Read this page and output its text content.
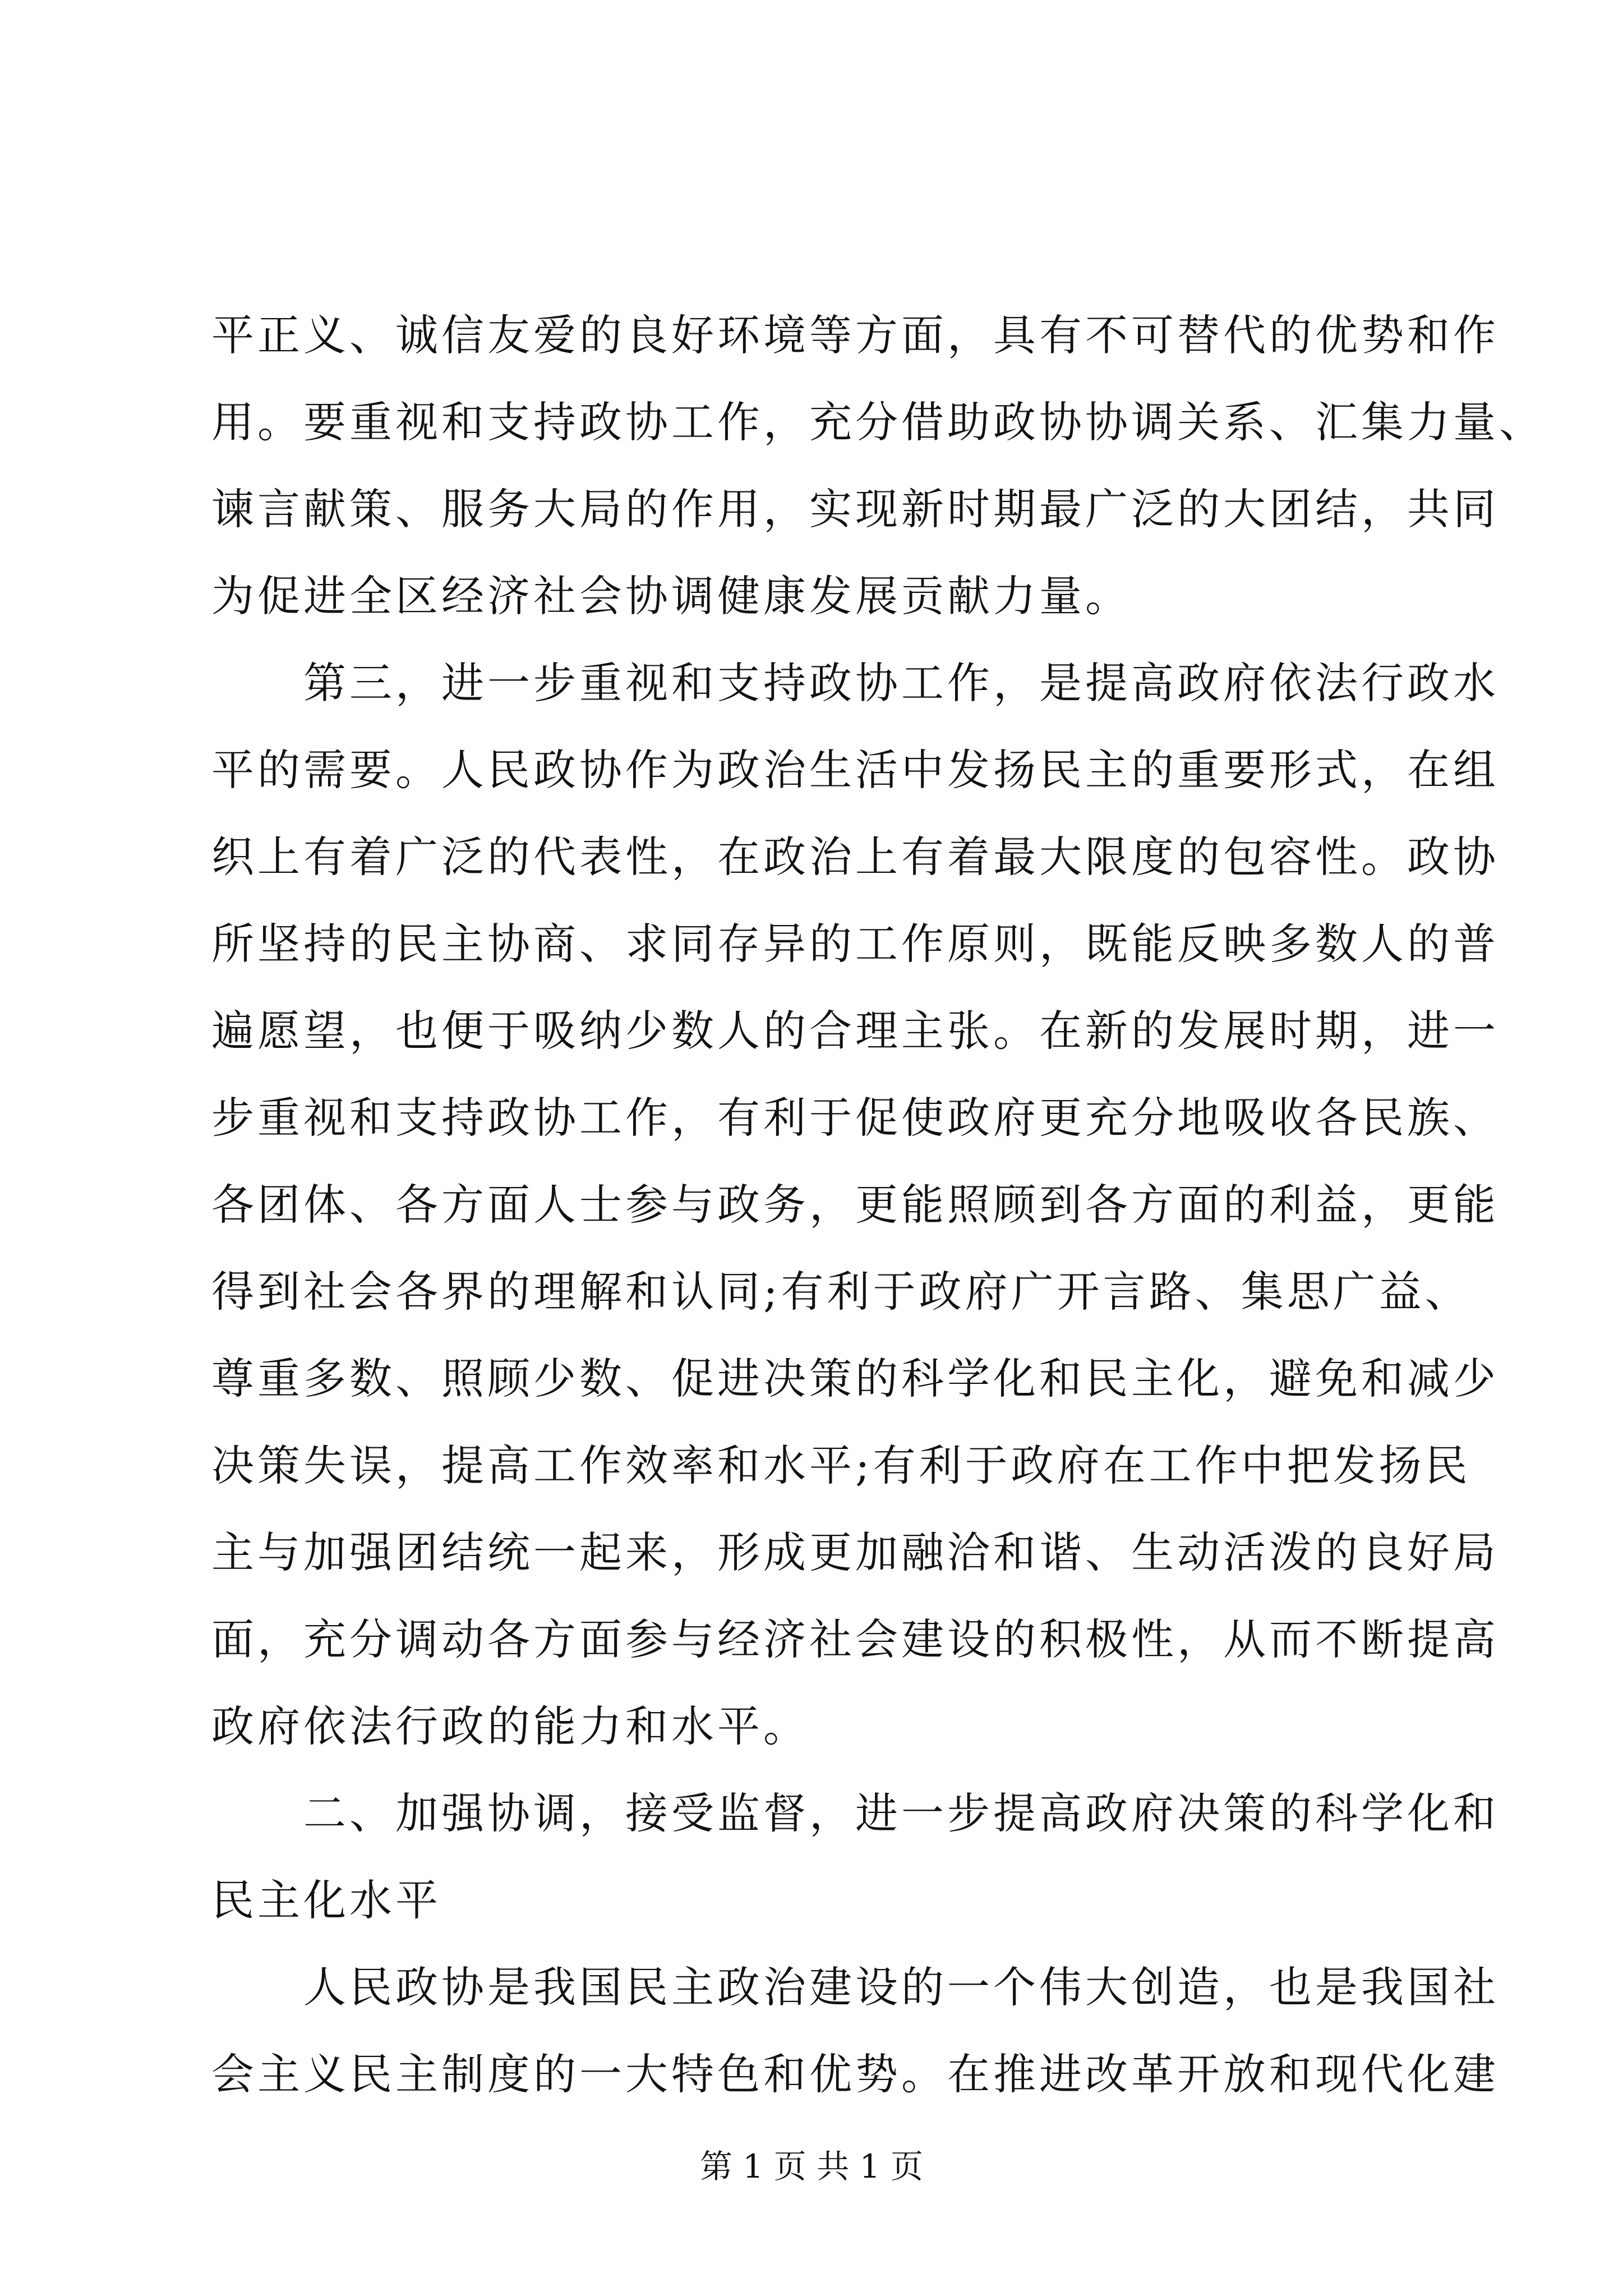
平正义、诚信友爱的良好环境等方面，具有不可替代的优势和作
用。要重视和支持政协工作，充分借助政协协调关系、汇集力量、
谏言献策、服务大局的作用，实现新时期最广泛的大团结，共同
为促进全区经济社会协调健康发展贡献力量。
　　第三，进一步重视和支持政协工作，是提高政府依法行政水
平的需要。人民政协作为政治生活中发扬民主的重要形式，在组
织上有着广泛的代表性，在政治上有着最大限度的包容性。政协
所坚持的民主协商、求同存异的工作原则，既能反映多数人的普
遍愿望，也便于吸纳少数人的合理主张。在新的发展时期，进一
步重视和支持政协工作，有利于促使政府更充分地吸收各民族、
各团体、各方面人士参与政务，更能照顾到各方面的利益，更能
得到社会各界的理解和认同;有利于政府广开言路、集思广益、
尊重多数、照顾少数、促进决策的科学化和民主化，避免和减少
决策失误，提高工作效率和水平;有利于政府在工作中把发扬民
主与加强团结统一起来，形成更加融洽和谐、生动活泼的良好局
面，充分调动各方面参与经济社会建设的积极性，从而不断提高
政府依法行政的能力和水平。
　　二、加强协调，接受监督，进一步提高政府决策的科学化和
民主化水平
　　人民政协是我国民主政治建设的一个伟大创造，也是我国社
会主义民主制度的一大特色和优势。在推进改革开放和现代化建
第 1 页 共 1 页
